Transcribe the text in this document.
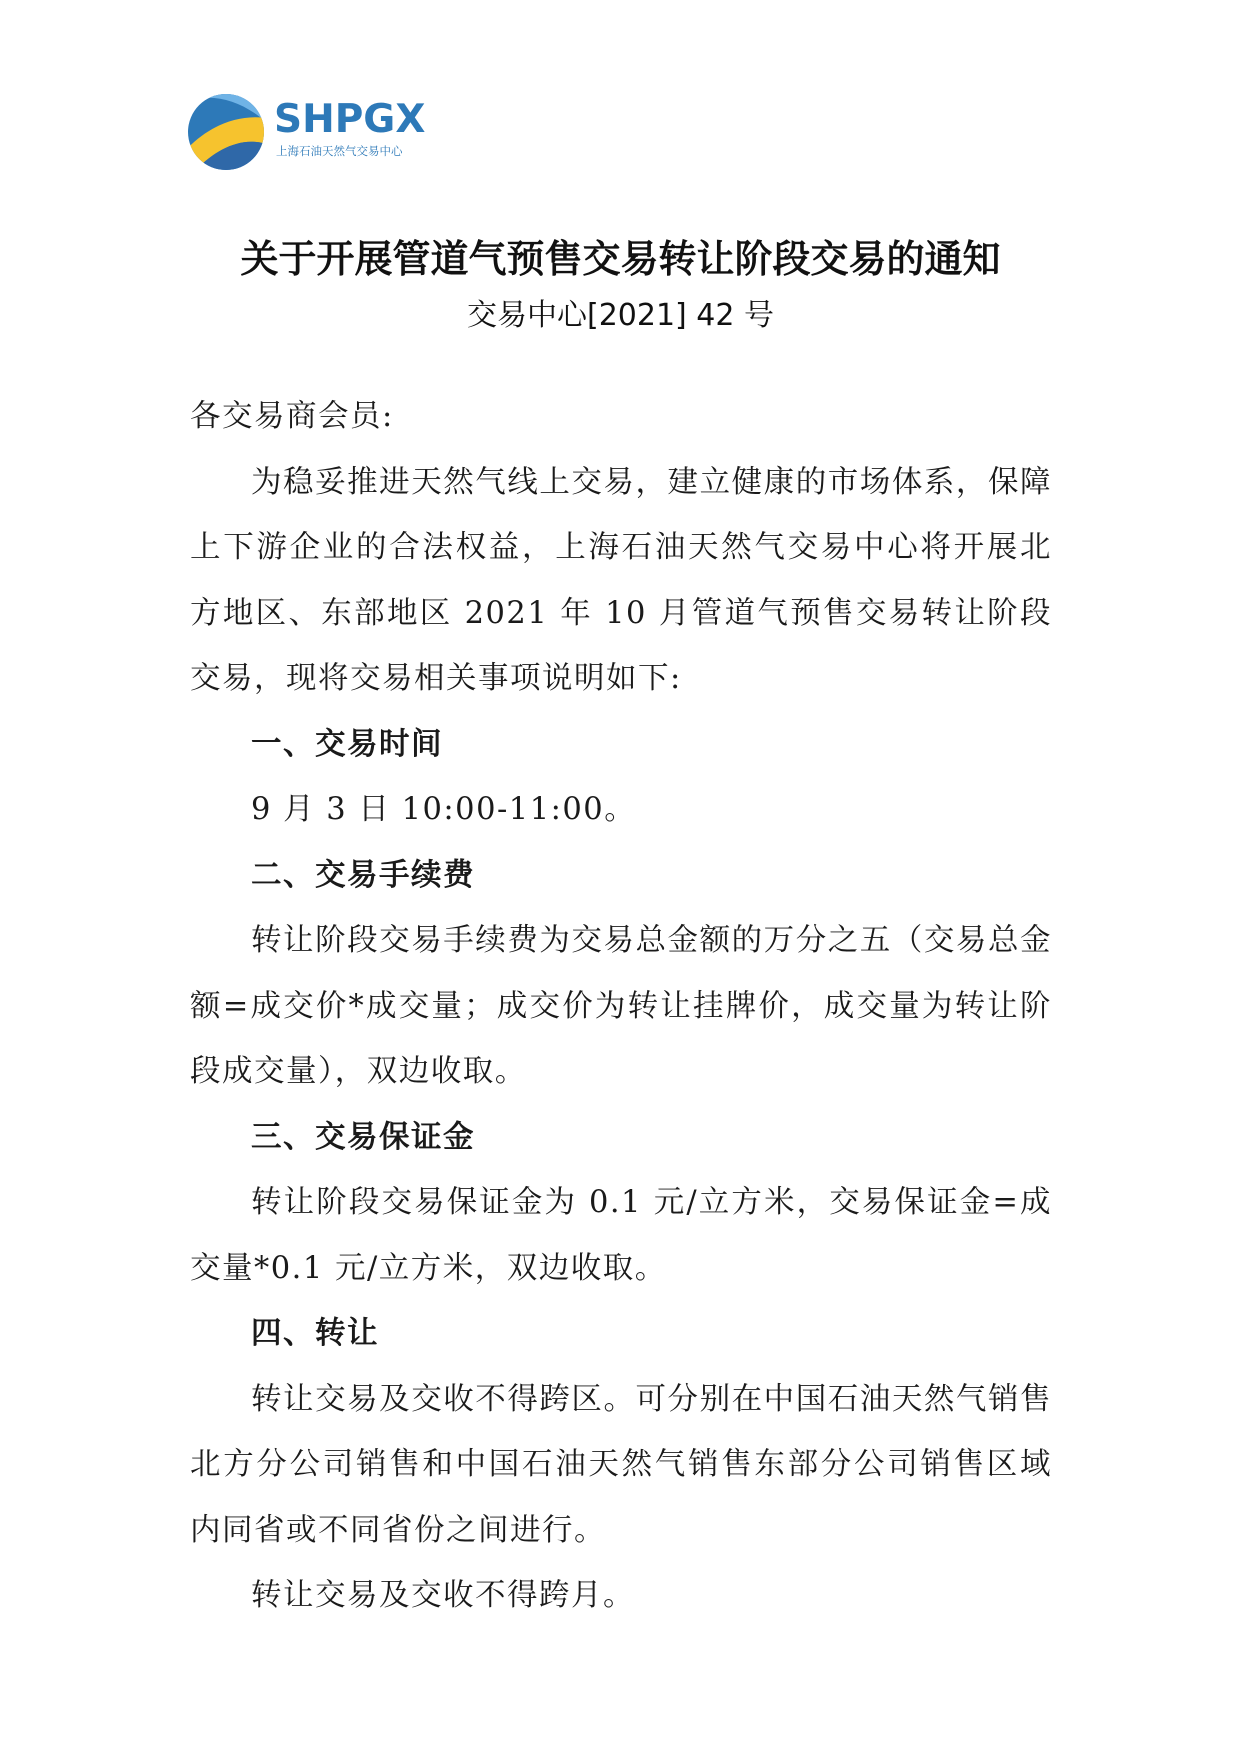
SHPGX
上海石油天然气交易中心
关于开展管道气预售交易转让阶段交易的通知
交易中心[2021] 42 号

各交易商会员:

为稳妥推进天然气线上交易，建立健康的市场体系，保障上下游企业的合法权益，上海石油天然气交易中心将开展北方地区、东部地区 2021 年 10 月管道气预售交易转让阶段交易，现将交易相关事项说明如下:

一、交易时间

9 月 3 日 10:00-11:00。

二、交易手续费

转让阶段交易手续费为交易总金额的万分之五（交易总金额=成交价*成交量；成交价为转让挂牌价，成交量为转让阶段成交量），双边收取。

三、交易保证金

转让阶段交易保证金为 0.1 元/立方米，交易保证金=成交量*0.1 元/立方米，双边收取。

四、转让

转让交易及交收不得跨区。可分别在中国石油天然气销售北方分公司销售和中国石油天然气销售东部分公司销售区域内同省或不同省份之间进行。

转让交易及交收不得跨月。
